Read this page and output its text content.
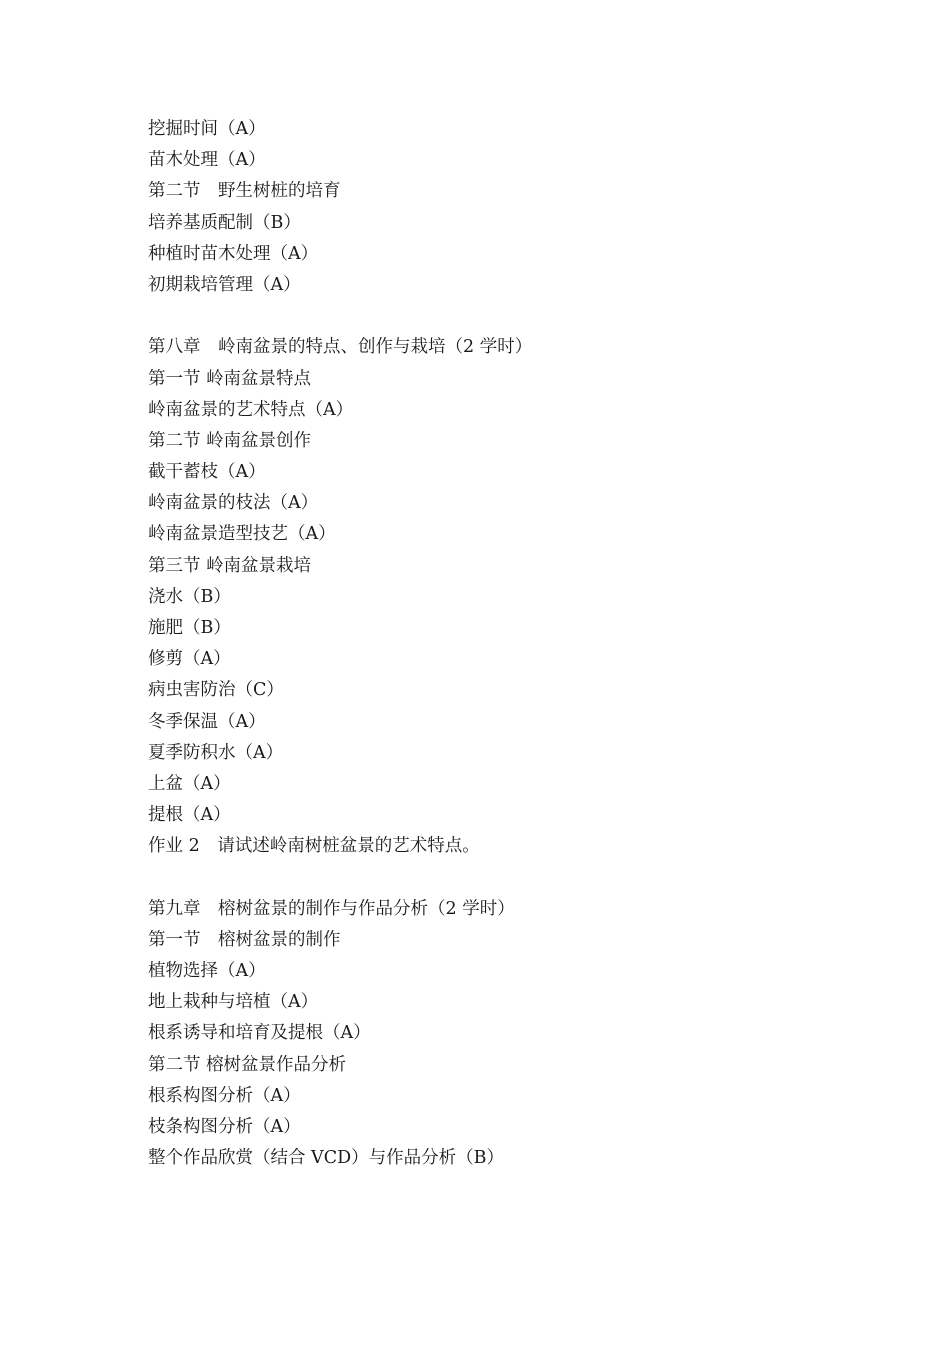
挖掘时间（A）
苗木处理（A）
第二节　野生树桩的培育
培养基质配制（B）
种植时苗木处理（A）
初期栽培管理（A）
第八章　岭南盆景的特点、创作与栽培（2 学时）
第一节 岭南盆景特点
岭南盆景的艺术特点（A）
第二节 岭南盆景创作
截干蓄枝（A）
岭南盆景的枝法（A）
岭南盆景造型技艺（A）
第三节 岭南盆景栽培
浇水（B）
施肥（B）
修剪（A）
病虫害防治（C）
冬季保温（A）
夏季防积水（A）
上盆（A）
提根（A）
作业 2　请试述岭南树桩盆景的艺术特点。
第九章　榕树盆景的制作与作品分析（2 学时）
第一节　榕树盆景的制作
植物选择（A）
地上栽种与培植（A）
根系诱导和培育及提根（A）
第二节 榕树盆景作品分析
根系构图分析（A）
枝条构图分析（A）
整个作品欣赏（结合 VCD）与作品分析（B）
